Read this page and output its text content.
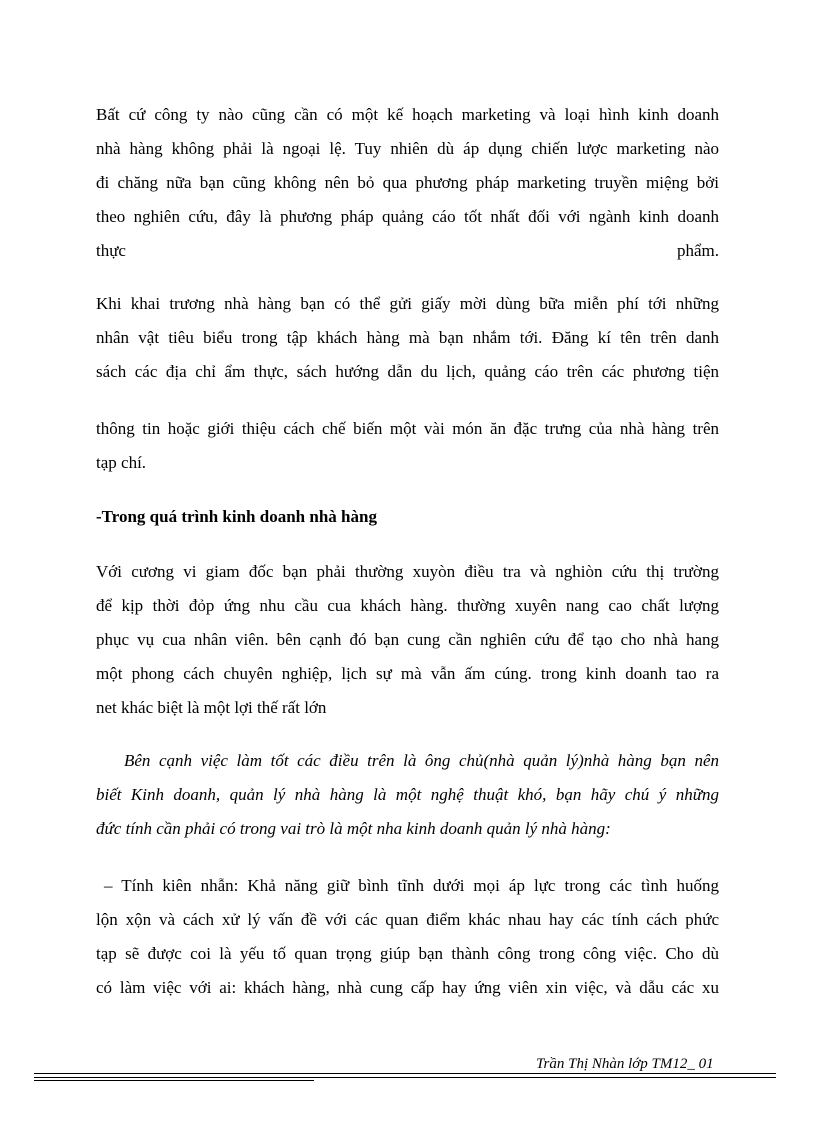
Bất cứ công ty nào cũng cần có một kế hoạch marketing và loại hình kinh doanh
nhà hàng không phải là ngoại lệ. Tuy nhiên dù áp dụng chiến lược marketing nào
đi chăng nữa bạn cũng không nên bỏ qua phương pháp marketing truyền miệng bởi
theo nghiên cứu, đây là phương pháp quảng cáo tốt nhất đối với ngành kinh doanh
thực phẩm.

Khi khai trương nhà hàng bạn có thể gửi giấy mời dùng bữa miễn phí tới những
nhân vật tiêu biểu trong tập khách hàng mà bạn nhắm tới. Đăng kí tên trên danh
sách các địa chỉ ẩm thực, sách hướng dẫn du lịch, quảng cáo trên các phương tiện

thông tin hoặc giới thiệu cách chế biến một vài món ăn đặc trưng của nhà hàng trên
tạp chí.

-Trong quá trình kinh doanh nhà hàng

Với cương vi giam đốc bạn phải thường xuyòn điều tra và nghiòn cứu thị trường
để kịp thời đỏp ứng nhu cầu cua khách hàng. thường xuyên nang cao chất lượng
phục vụ cua nhân viên. bên cạnh đó bạn cung cần nghiên cứu để tạo cho nhà hang
một phong cách chuyên nghiệp, lịch sự mà vẫn ấm cúng. trong kinh doanh tao ra
net khác biệt là một lợi thế rất lớn

Bên cạnh việc làm tốt các điều trên là ông chủ(nhà quản lý)nhà hàng bạn nên
biết Kinh doanh, quản lý nhà hàng là một nghệ thuật khó, bạn hãy chú ý những
đức tính cần phải có trong vai trò là một nha kinh doanh quản lý nhà hàng:

– Tính kiên nhẫn: Khả năng giữ bình tĩnh dưới mọi áp lực trong các tình huống
lộn xộn và cách xử lý vấn đề với các quan điểm khác nhau hay các tính cách phức
tạp sẽ được coi là yếu tố quan trọng giúp bạn thành công trong công việc. Cho dù
có làm việc với ai: khách hàng, nhà cung cấp hay ứng viên xin việc, và dẫu các xu

Trần Thị Nhàn lớp TM12_ 01
